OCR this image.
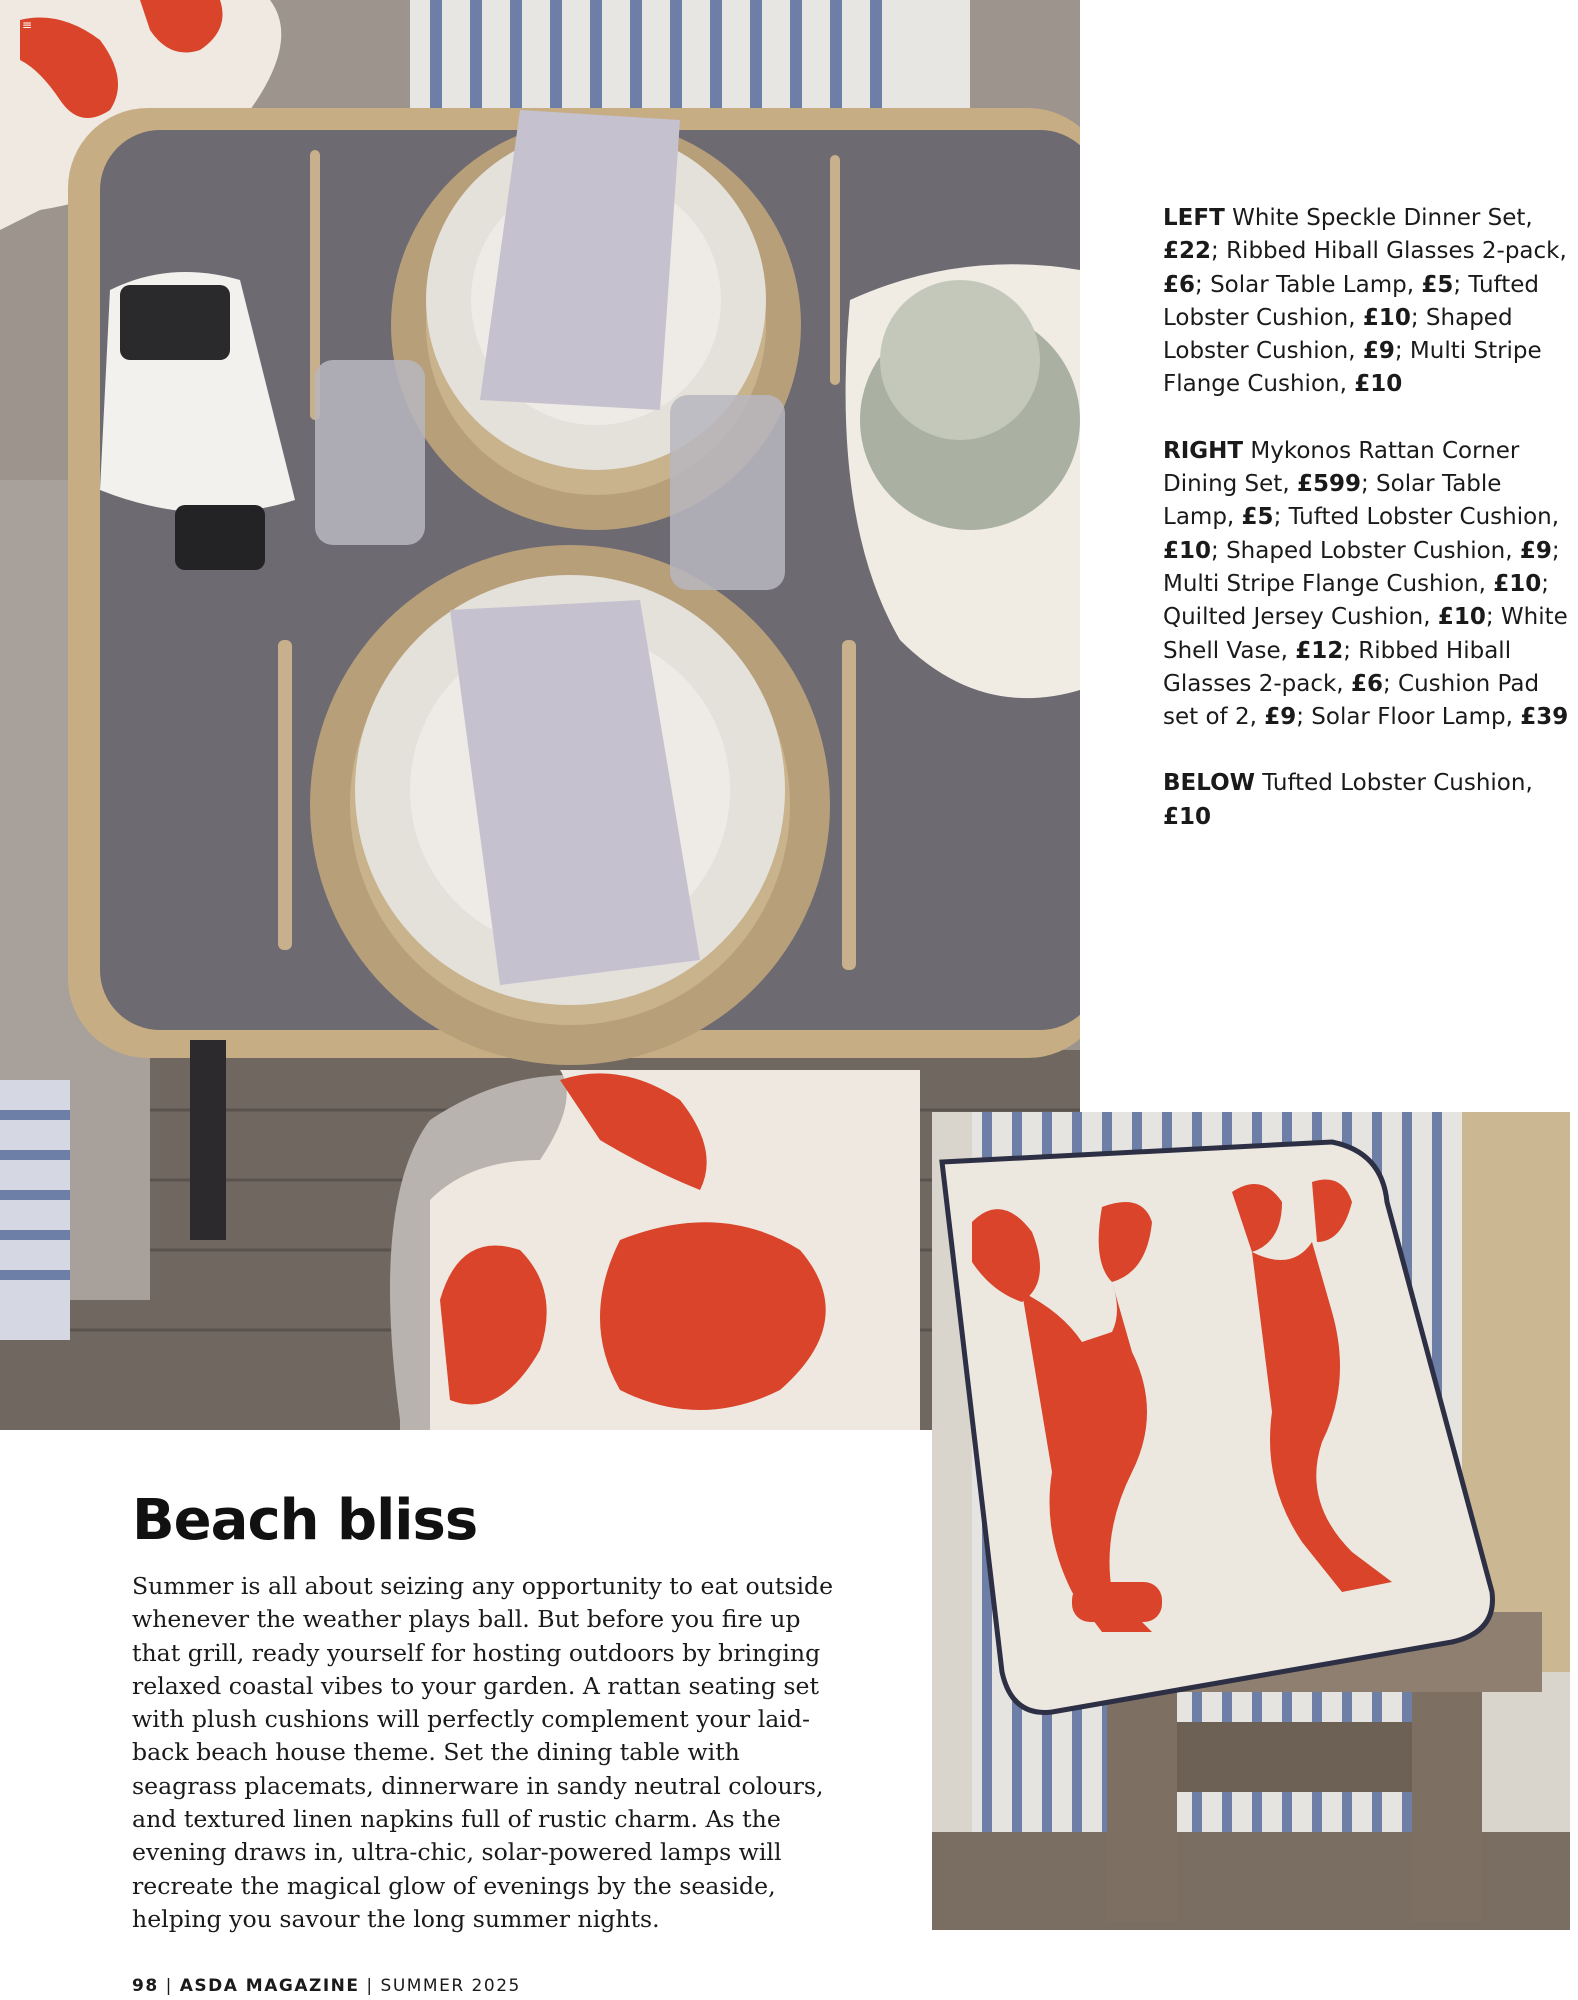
≡

LEFT White Speckle Dinner Set, £22; Ribbed Hiball Glasses 2-pack, £6; Solar Table Lamp, £5; Tufted Lobster Cushion, £10; Shaped Lobster Cushion, £9; Multi Stripe Flange Cushion, £10

RIGHT Mykonos Rattan Corner Dining Set, £599; Solar Table Lamp, £5; Tufted Lobster Cushion, £10; Shaped Lobster Cushion, £9; Multi Stripe Flange Cushion, £10; Quilted Jersey Cushion, £10; White Shell Vase, £12; Ribbed Hiball Glasses 2-pack, £6; Cushion Pad set of 2, £9; Solar Floor Lamp, £39

BELOW Tufted Lobster Cushion, £10

Beach bliss

Summer is all about seizing any opportunity to eat outside whenever the weather plays ball. But before you fire up that grill, ready yourself for hosting outdoors by bringing relaxed coastal vibes to your garden. A rattan seating set with plush cushions will perfectly complement your laid-back beach house theme. Set the dining table with seagrass placemats, dinnerware in sandy neutral colours, and textured linen napkins full of rustic charm. As the evening draws in, ultra-chic, solar-powered lamps will recreate the magical glow of evenings by the seaside, helping you savour the long summer nights.

98 | ASDA MAGAZINE | SUMMER 2025
